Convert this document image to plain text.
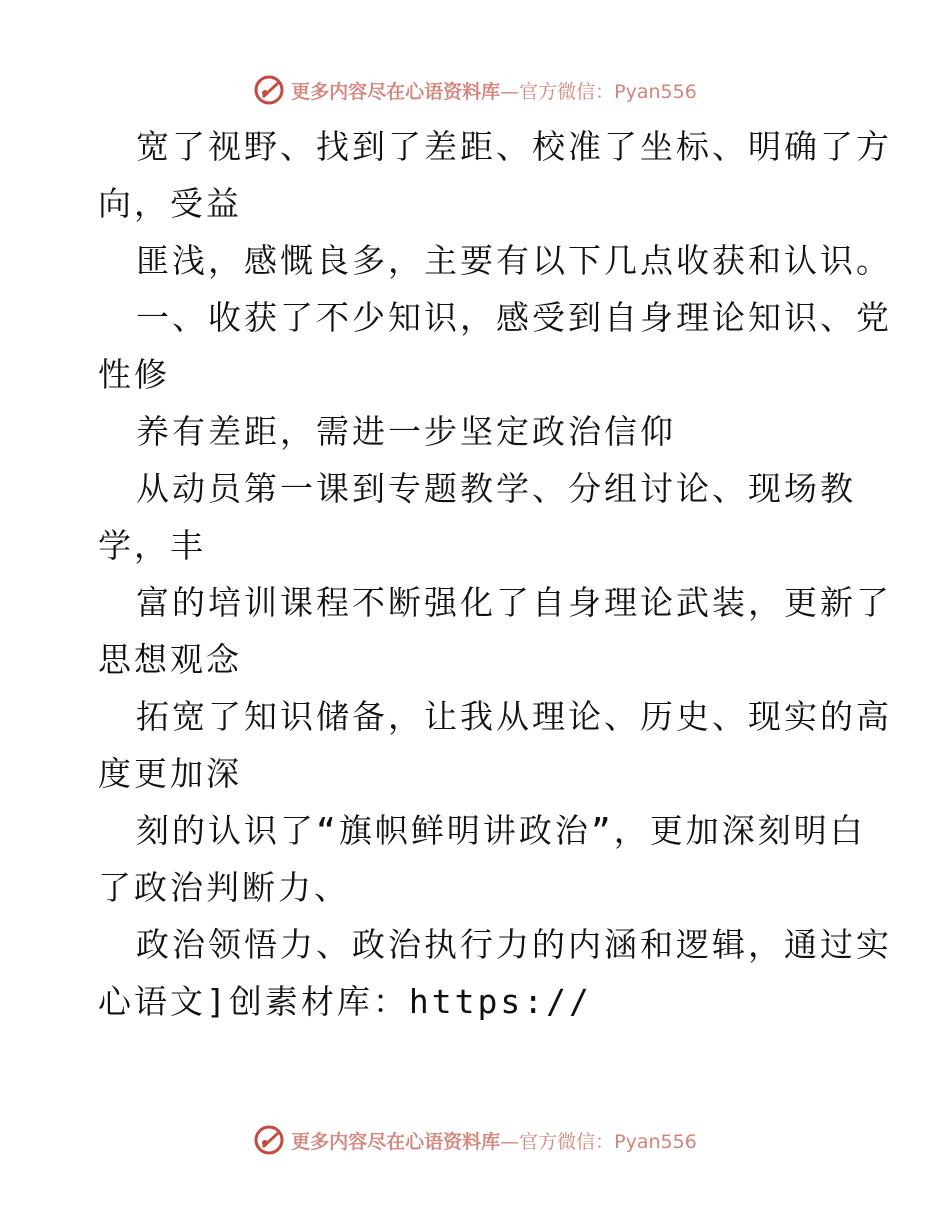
更多内容尽在心语资料库 —官方微信：Pyan556
宽了视野、找到了差距、校准了坐标、明确了方
向，受益
匪浅，感慨良多，主要有以下几点收获和认识。
一、收获了不少知识，感受到自身理论知识、党
性修
养有差距，需进一步坚定政治信仰
从动员第一课到专题教学、分组讨论、现场教
学，丰
富的培训课程不断强化了自身理论武装，更新了
思想观念
拓宽了知识储备，让我从理论、历史、现实的高
度更加深
刻的认识了“旗帜鲜明讲政治”，更加深刻明白
了政治判断力、
政治领悟力、政治执行力的内涵和逻辑，通过实
心语文]创素材库：https://
更多内容尽在心语资料库 —官方微信：Pyan556
